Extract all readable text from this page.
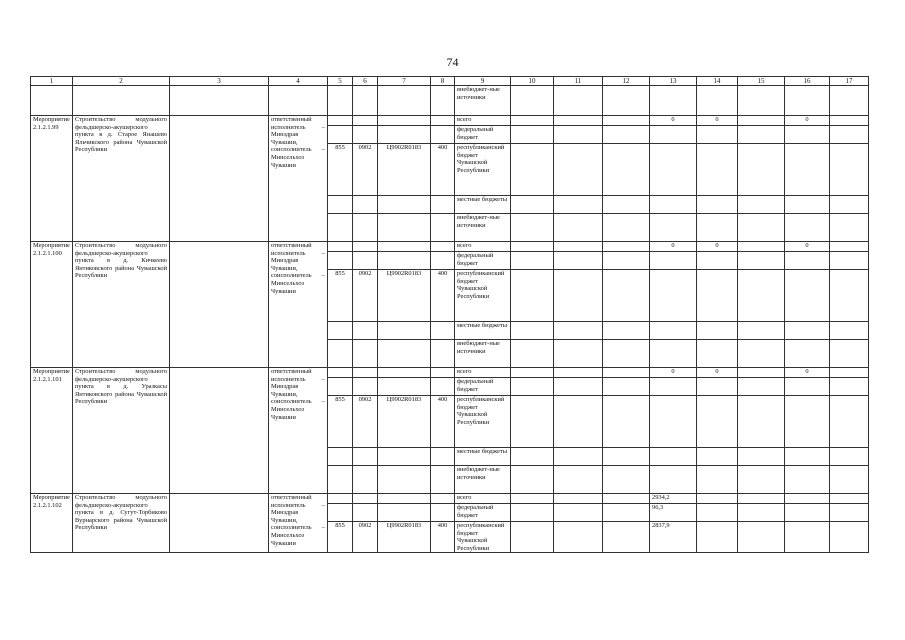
74
1	2	3	4	5	6	7	8	9	10	11	12	13	14	15	16	17
								внебюджет-ные источники								
Мероприятие 2.1.2.1.99	Строительство модульного фельдшерско-акушерского пункта в д. Старое Янашево Яльчикского района Чувашской Республики		ответственный исполнитель – Минздрав Чувашии, соисполнитель – Минсельхоз Чувашии					всего				0	0		0	
								федеральный бюджет								
				855	0902	Ц9902R0183	400	республиканский бюджет Чувашской Республики								
								местные бюджеты								
								внебюджет-ные источники								
Мероприятие 2.1.2.1.100	Строительство модульного фельдшерско-акушерского пункта в д. Кичкеево Янтиковского района Чувашской Республики		ответственный исполнитель – Минздрав Чувашии, соисполнитель – Минсельхоз Чувашии					всего				0	0		0	
								федеральный бюджет								
				855	0902	Ц9902R0183	400	республиканский бюджет Чувашской Республики								
								местные бюджеты								
								внебюджет-ные источники								
Мероприятие 2.1.2.1.101	Строительство модульного фельдшерско-акушерского пункта в д. Уразкасы Янтиковского района Чувашской Республики		ответственный исполнитель – Минздрав Чувашии, соисполнитель – Минсельхоз Чувашии					всего				0	0		0	
								федеральный бюджет								
				855	0902	Ц9902R0183	400	республиканский бюджет Чувашской Республики								
								местные бюджеты								
								внебюджет-ные источники								
Мероприятие 2.1.2.1.102	Строительство модульного фельдшерско-акушерского пункта в д. Сугут-Торбиково Вурнарского района Чувашской Республики		ответственный исполнитель – Минздрав Чувашии, соисполнитель – Минсельхоз Чувашии					всего				2934,2				
								федеральный бюджет				96,3				
				855	0902	Ц9902R0183	400	республиканский бюджет Чувашской Республики				2837,9				
